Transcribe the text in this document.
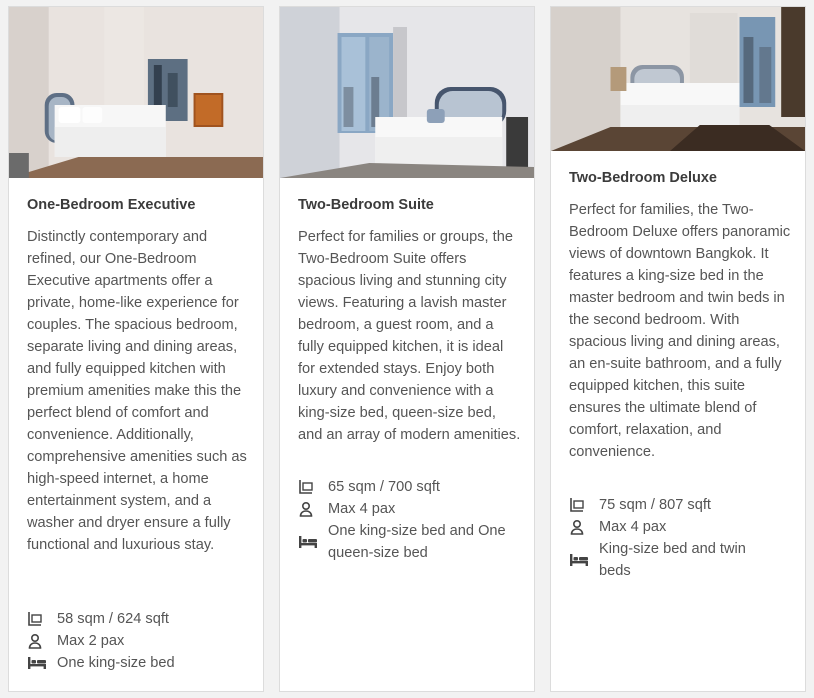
One-Bedroom Executive

Distinctly contemporary and refined, our One-Bedroom Executive apartments offer a private, home-like experience for couples. The spacious bedroom, separate living and dining areas, and fully equipped kitchen with premium amenities make this the perfect blend of comfort and convenience. Additionally, comprehensive amenities such as high-speed internet, a home entertainment system, and a washer and dryer ensure a fully functional and luxurious stay.

58 sqm / 624 sqft
Max 2 pax
One king-size bed
Two-Bedroom Suite

Perfect for families or groups, the Two-Bedroom Suite offers spacious living and stunning city views. Featuring a lavish master bedroom, a guest room, and a fully equipped kitchen, it is ideal for extended stays. Enjoy both luxury and convenience with a king-size bed, queen-size bed, and an array of modern amenities.

65 sqm / 700 sqft
Max 4 pax
One king-size bed and One queen-size bed
Two-Bedroom Deluxe

Perfect for families, the Two-Bedroom Deluxe offers panoramic views of downtown Bangkok. It features a king-size bed in the master bedroom and twin beds in the second bedroom. With spacious living and dining areas, an en-suite bathroom, and a fully equipped kitchen, this suite ensures the ultimate blend of comfort, relaxation, and convenience.

75 sqm / 807 sqft
Max 4 pax
King-size bed and twin beds
